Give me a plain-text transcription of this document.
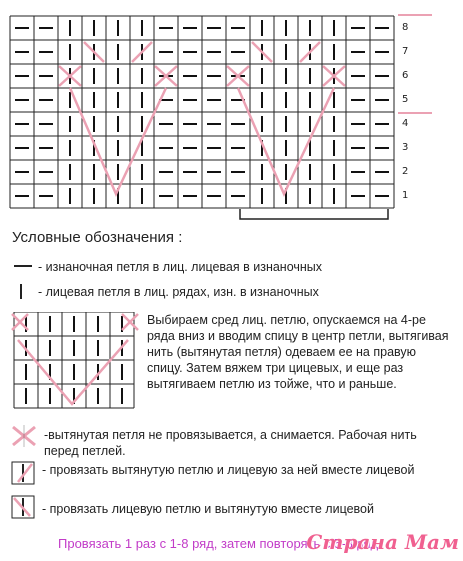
8
7
6
5
4
3
2
1
Условные обозначения :
- изнаночная петля в лиц. лицевая в изнаночных
- лицевая петля в лиц. рядах, изн. в изнаночных
Выбираем сред лиц. петлю, опускаемся на 4-ре ряда вниз и вводим спицу в центр петли, вытягивая нить (вытянутая петля) одеваем ее на правую спицу. Затем вяжем три цицевых, и еще раз вытягиваем петлю из тойже, что и раньше.
-вытянутая петля не провязывается, а снимается. Рабочая нить перед петлей.
- провязать вытянутую петлю и лицевую за ней вместе лицевой
- провязать лицевую петлю и вытянутую вместе лицевой
Провязать 1 раз с 1-8 ряд, затем повторять с 5-8 ряд
Страна Мам
